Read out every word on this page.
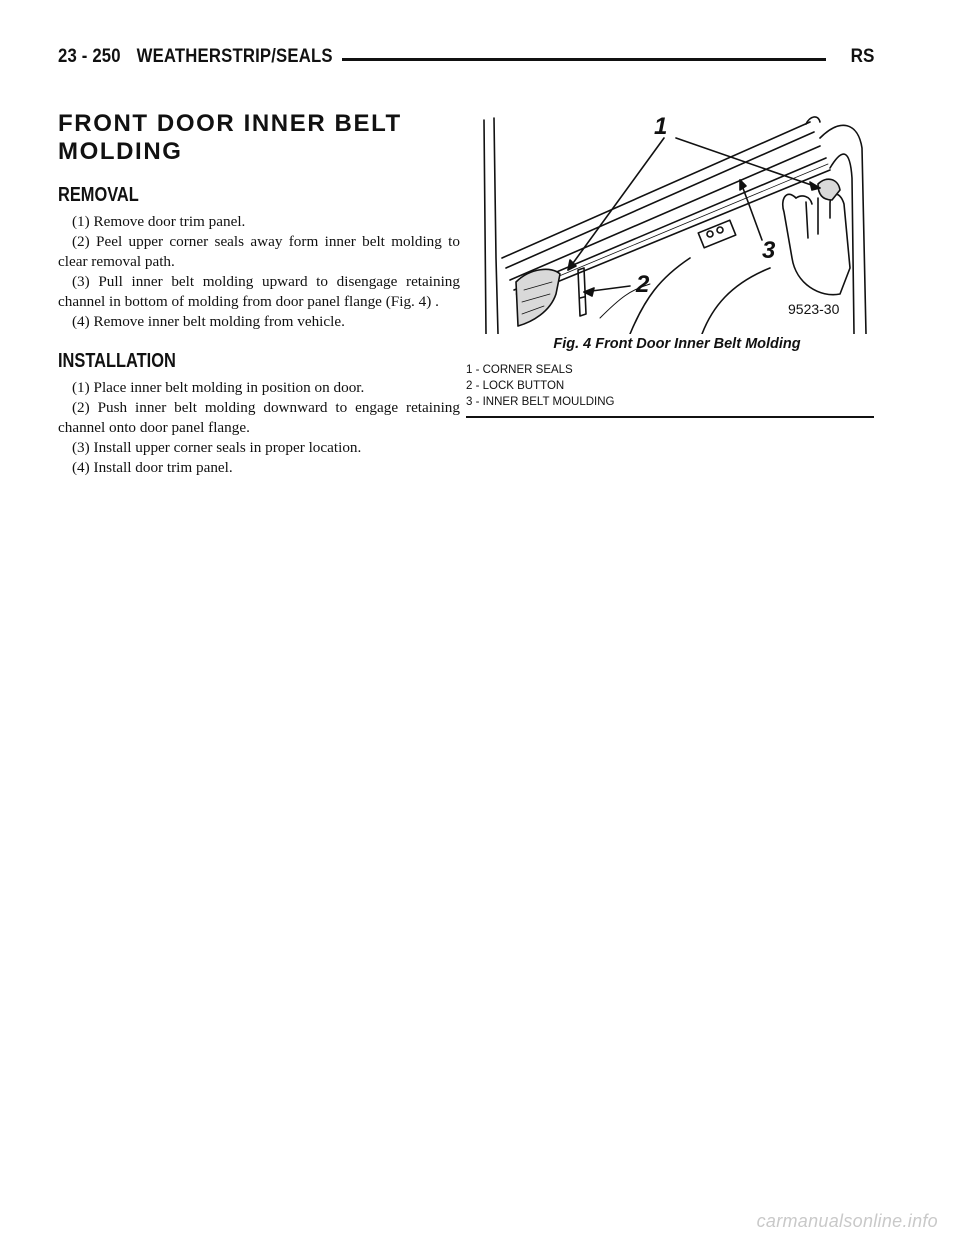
23 - 250 WEATHERSTRIP/SEALS	RS
FRONT DOOR INNER BELT
MOLDING
REMOVAL

(1) Remove door trim panel.

(2) Peel upper corner seals away form inner belt molding to clear removal path.

(3) Pull inner belt molding upward to disengage retaining channel in bottom of molding from door panel flange (Fig. 4) .

(4) Remove inner belt molding from vehicle.

INSTALLATION

(1) Place inner belt molding in position on door.

(2) Push inner belt molding downward to engage retaining channel onto door panel flange.

(3) Install upper corner seals in proper location.

(4) Install door trim panel.

1
2
3
9523-30
Fig. 4 Front Door Inner Belt Molding
1 - CORNER SEALS
2 - LOCK BUTTON
3 - INNER BELT MOULDING
carmanualsonline.info
